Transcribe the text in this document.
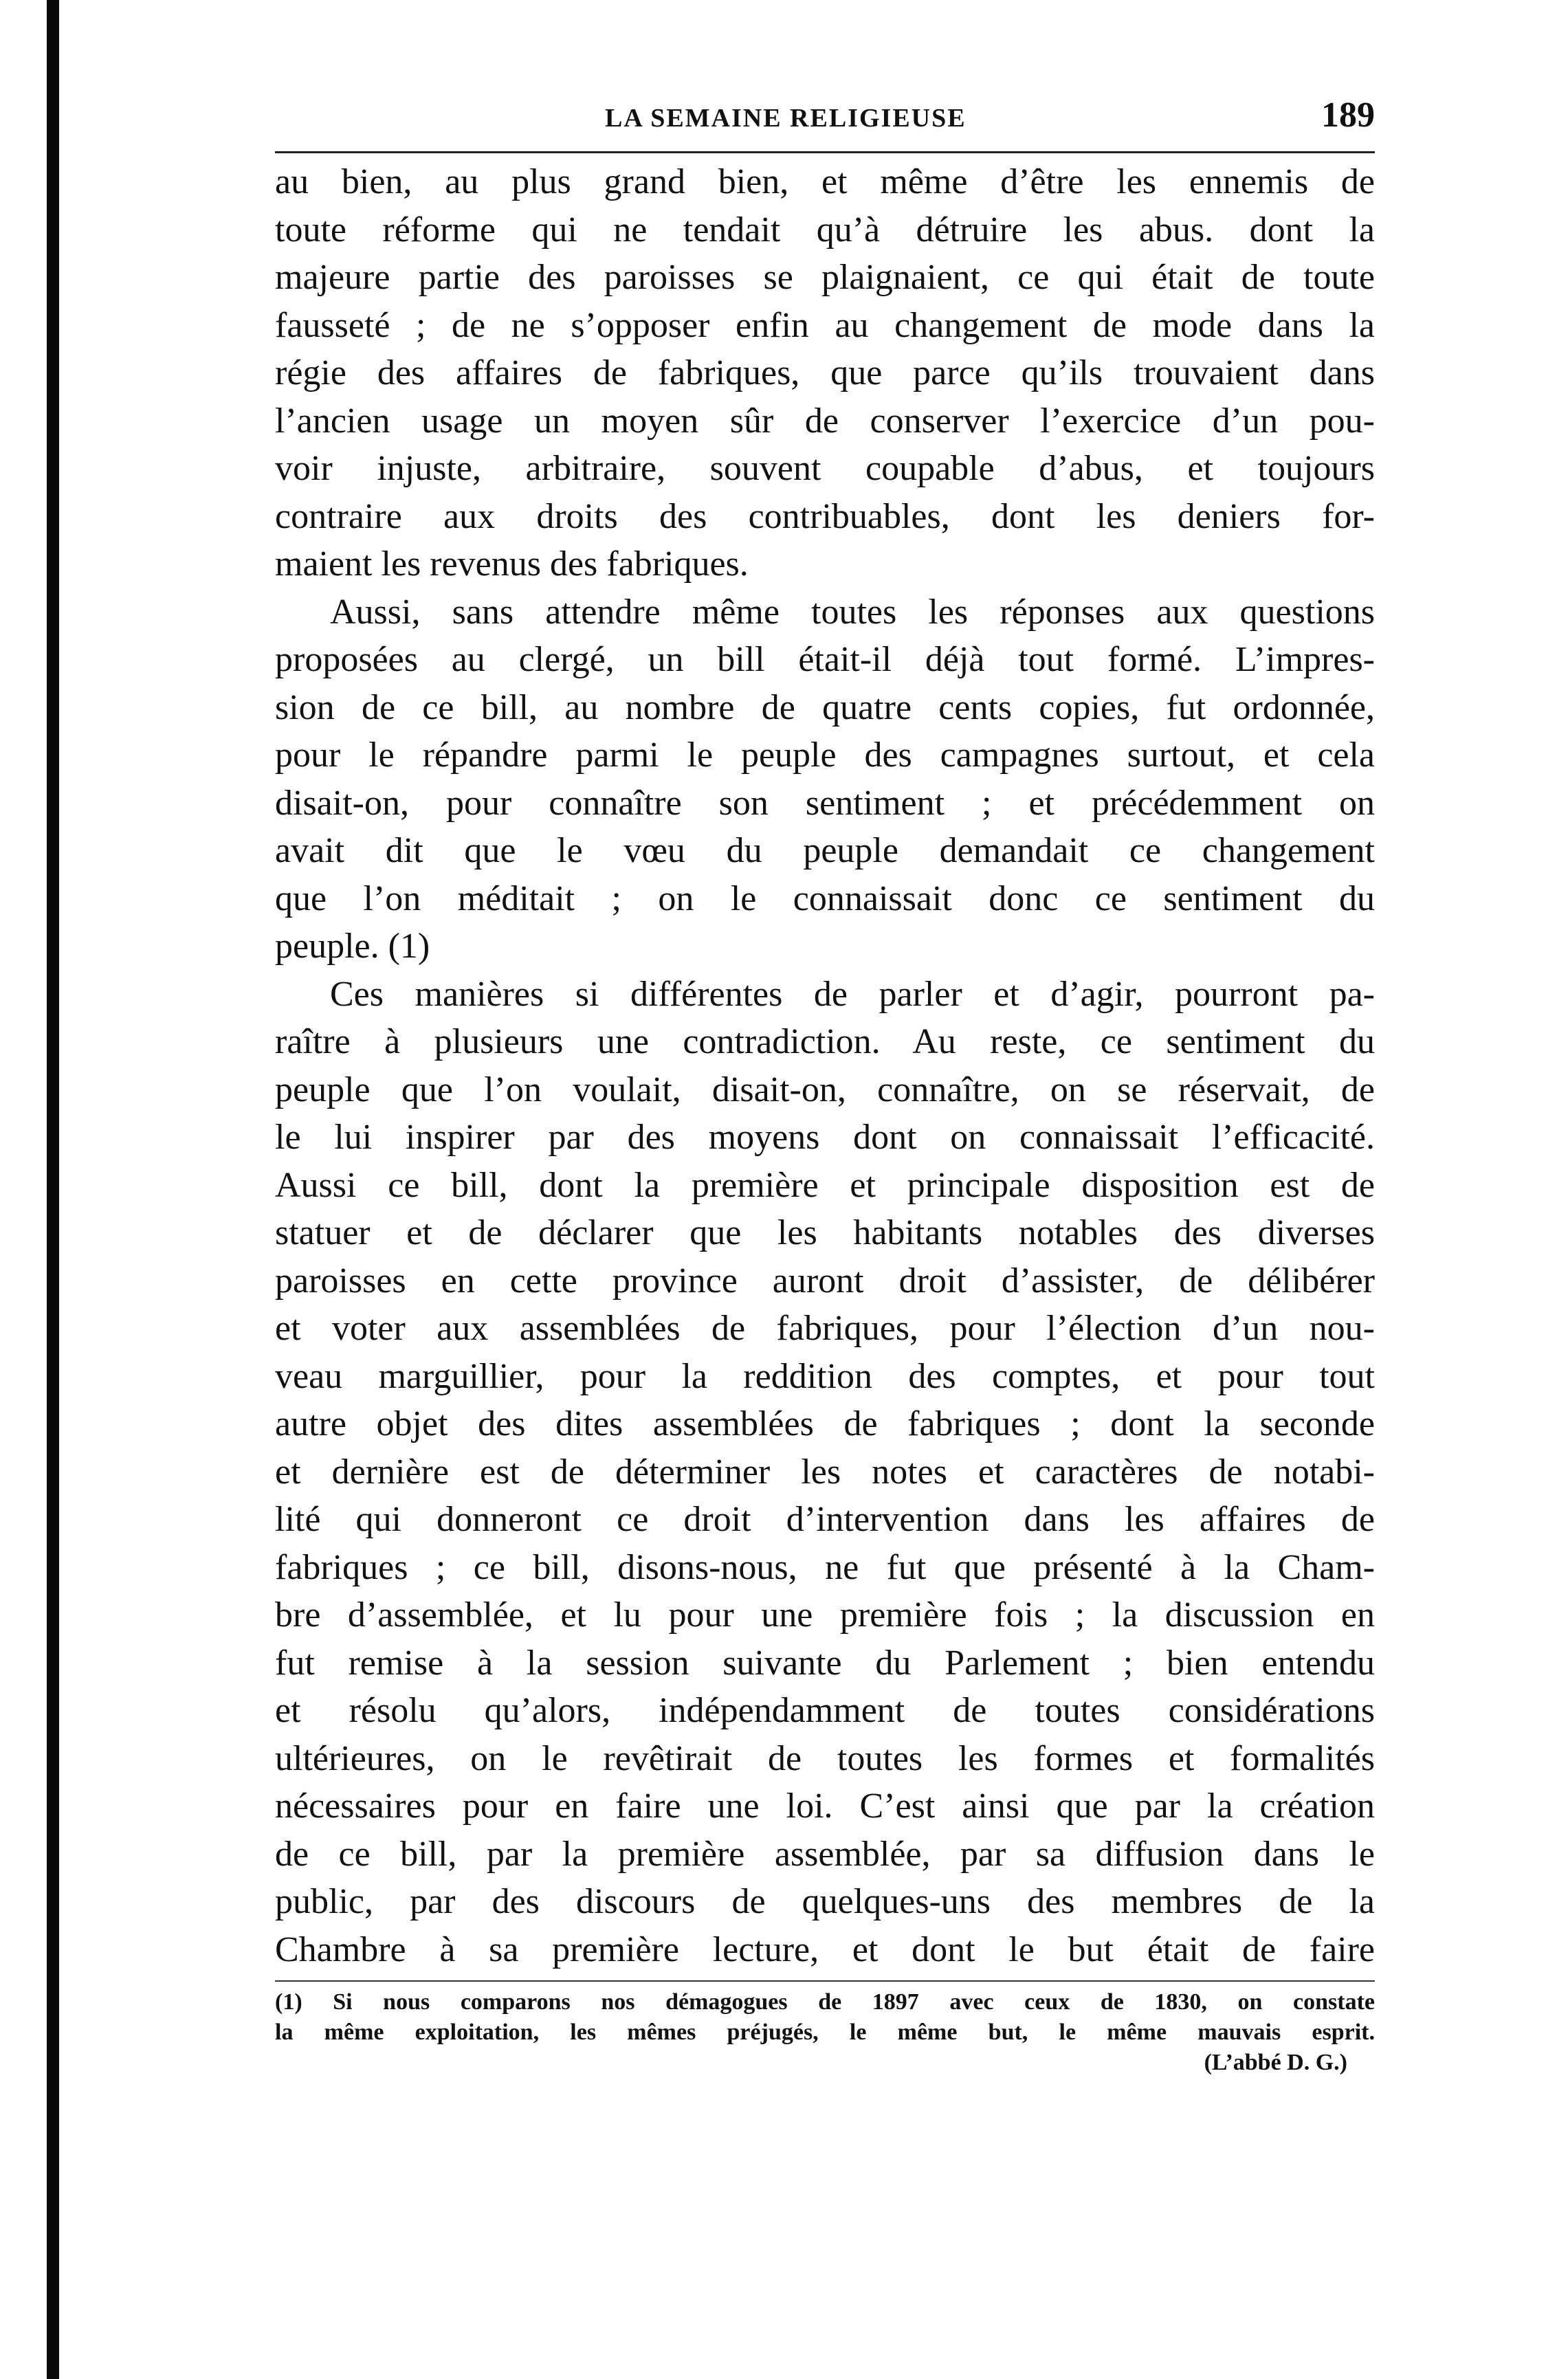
LA SEMAINE RELIGIEUSE	189
au bien, au plus grand bien, et même d’être les ennemis de
toute réforme qui ne tendait qu’à détruire les abus. dont la
majeure partie des paroisses se plaignaient, ce qui était de toute
fausseté ; de ne s’opposer enfin au changement de mode dans la
régie des affaires de fabriques, que parce qu’ils trouvaient dans
l’ancien usage un moyen sûr de conserver l’exercice d’un pou-
voir injuste, arbitraire, souvent coupable d’abus, et toujours
contraire aux droits des contribuables, dont les deniers for-
maient les revenus des fabriques.
Aussi, sans attendre même toutes les réponses aux questions
proposées au clergé, un bill était-il déjà tout formé. L’impres-
sion de ce bill, au nombre de quatre cents copies, fut ordonnée,
pour le répandre parmi le peuple des campagnes surtout, et cela
disait-on, pour connaître son sentiment ; et précédemment on
avait dit que le vœu du peuple demandait ce changement
que l’on méditait ; on le connaissait donc ce sentiment du
peuple. (1)
Ces manières si différentes de parler et d’agir, pourront pa-
raître à plusieurs une contradiction. Au reste, ce sentiment du
peuple que l’on voulait, disait-on, connaître, on se réservait, de
le lui inspirer par des moyens dont on connaissait l’efficacité.
Aussi ce bill, dont la première et principale disposition est de
statuer et de déclarer que les habitants notables des diverses
paroisses en cette province auront droit d’assister, de délibérer
et voter aux assemblées de fabriques, pour l’élection d’un nou-
veau marguillier, pour la reddition des comptes, et pour tout
autre objet des dites assemblées de fabriques ; dont la seconde
et dernière est de déterminer les notes et caractères de notabi-
lité qui donneront ce droit d’intervention dans les affaires de
fabriques ; ce bill, disons-nous, ne fut que présenté à la Cham-
bre d’assemblée, et lu pour une première fois ; la discussion en
fut remise à la session suivante du Parlement ; bien entendu
et résolu qu’alors, indépendamment de toutes considérations
ultérieures, on le revêtirait de toutes les formes et formalités
nécessaires pour en faire une loi. C’est ainsi que par la création
de ce bill, par la première assemblée, par sa diffusion dans le
public, par des discours de quelques-uns des membres de la
Chambre à sa première lecture, et dont le but était de faire
(1) Si nous comparons nos démagogues de 1897 avec ceux de 1830, on constate
la même exploitation, les mêmes préjugés, le même but, le même mauvais esprit.
(L’abbé D. G.)
